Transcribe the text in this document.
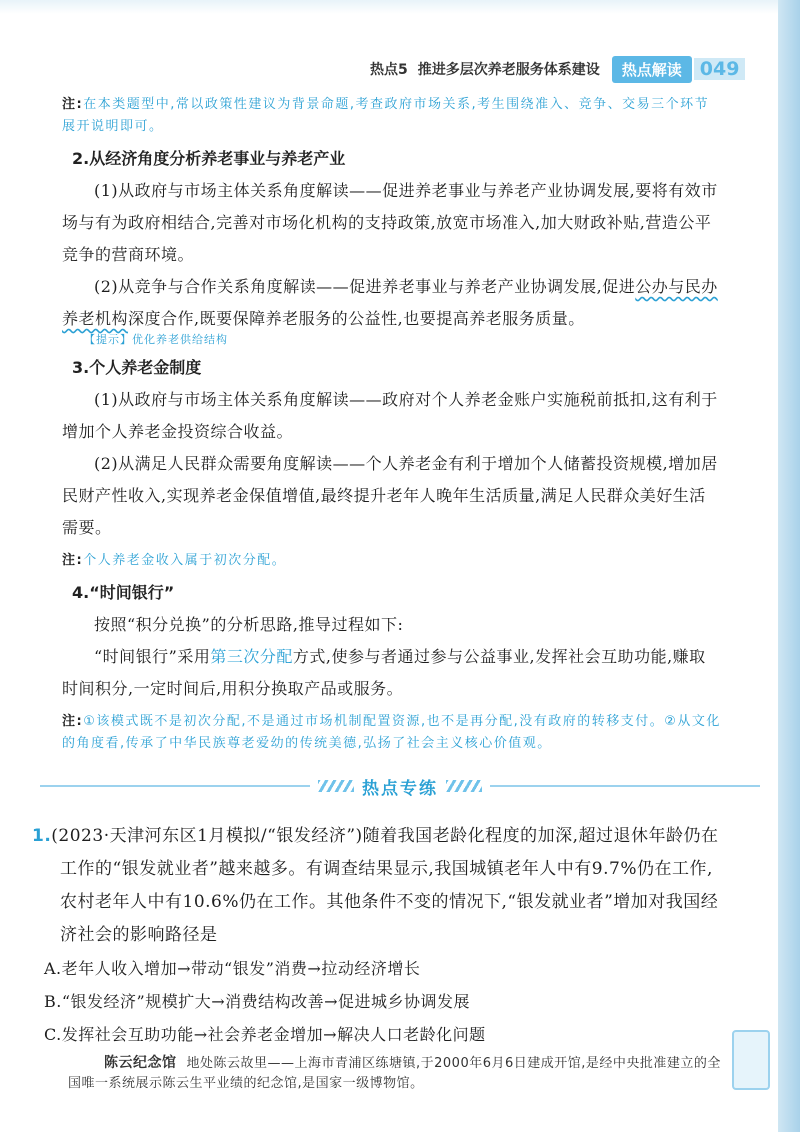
热点5 推进多层次养老服务体系建设	热点解读 049
注:在本类题型中,常以政策性建议为背景命题,考查政府市场关系,考生围绕准入、竞争、交易三个环节展开说明即可。
2.从经济角度分析养老事业与养老产业

(1)从政府与市场主体关系角度解读——促进养老事业与养老产业协调发展,要将有效市场与有为政府相结合,完善对市场化机构的支持政策,放宽市场准入,加大财政补贴,营造公平竞争的营商环境。

(2)从竞争与合作关系角度解读——促进养老事业与养老产业协调发展,促进公办与民办养老机构深度合作,既要保障养老服务的公益性,也要提高养老服务质量。

【提示】优化养老供给结构
3.个人养老金制度

(1)从政府与市场主体关系角度解读——政府对个人养老金账户实施税前抵扣,这有利于增加个人养老金投资综合收益。

(2)从满足人民群众需要角度解读——个人养老金有利于增加个人储蓄投资规模,增加居民财产性收入,实现养老金保值增值,最终提升老年人晚年生活质量,满足人民群众美好生活需要。

注:个人养老金收入属于初次分配。
4.“时间银行”

按照“积分兑换”的分析思路,推导过程如下:

“时间银行”采用第三次分配方式,使参与者通过参与公益事业,发挥社会互助功能,赚取时间积分,一定时间后,用积分换取产品或服务。

注:①该模式既不是初次分配,不是通过市场机制配置资源,也不是再分配,没有政府的转移支付。②从文化的角度看,传承了中华民族尊老爱幼的传统美德,弘扬了社会主义核心价值观。
热点专练

1.(2023·天津河东区1月模拟/“银发经济”)随着我国老龄化程度的加深,超过退休年龄仍在工作的“银发就业者”越来越多。有调查结果显示,我国城镇老年人中有9.7%仍在工作,农村老年人中有10.6%仍在工作。其他条件不变的情况下,“银发就业者”增加对我国经济社会的影响路径是

A.老年人收入增加→带动“银发”消费→拉动经济增长
B.“银发经济”规模扩大→消费结构改善→促进城乡协调发展
C.发挥社会互助功能→社会养老金增加→解决人口老龄化问题
陈云纪念馆 地处陈云故里——上海市青浦区练塘镇,于2000年6月6日建成开馆,是经中央批准建立的全国唯一系统展示陈云生平业绩的纪念馆,是国家一级博物馆。
